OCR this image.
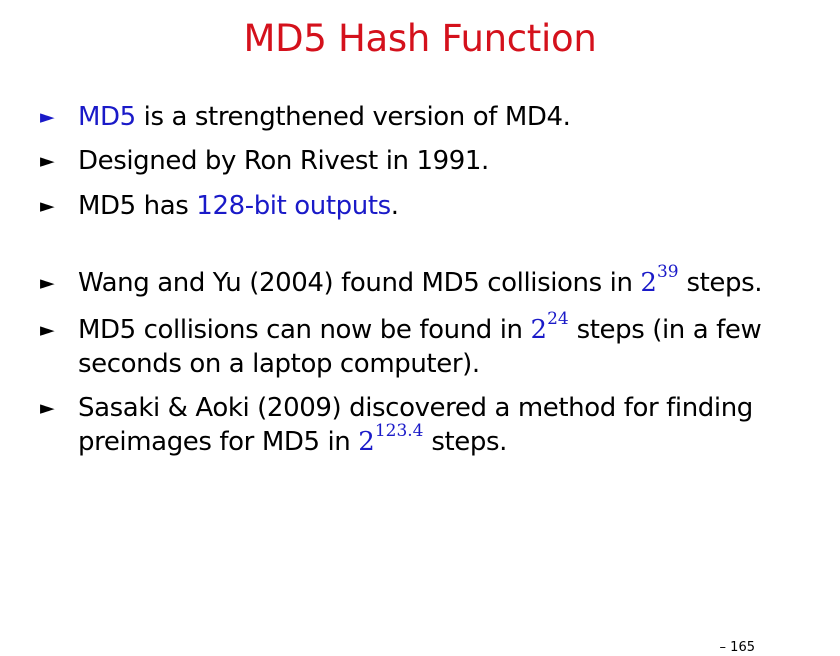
MD5 Hash Function
► MD5 is a strengthened version of MD4.
► Designed by Ron Rivest in 1991.
► MD5 has 128-bit outputs.
► Wang and Yu (2004) found MD5 collisions in $2^{39}$ steps.
► MD5 collisions can now be found in $2^{24}$ steps (in a few seconds on a laptop computer).
► Sasaki & Aoki (2009) discovered a method for finding preimages for MD5 in $2^{123.4}$ steps.
– 165
